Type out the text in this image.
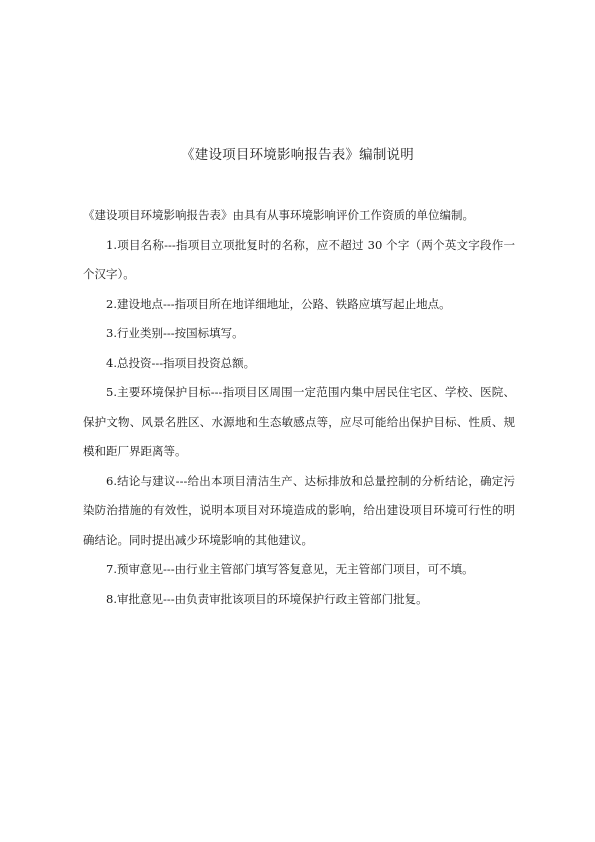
《建设项目环境影响报告表》编制说明

《建设项目环境影响报告表》由具有从事环境影响评价工作资质的单位编制。

1.项目名称---指项目立项批复时的名称，应不超过 30 个字（两个英文字段作一个汉字）。

2.建设地点---指项目所在地详细地址，公路、铁路应填写起止地点。

3.行业类别---按国标填写。

4.总投资---指项目投资总额。

5.主要环境保护目标---指项目区周围一定范围内集中居民住宅区、学校、医院、保护文物、风景名胜区、水源地和生态敏感点等，应尽可能给出保护目标、性质、规模和距厂界距离等。

6.结论与建议---给出本项目清洁生产、达标排放和总量控制的分析结论，确定污染防治措施的有效性，说明本项目对环境造成的影响，给出建设项目环境可行性的明确结论。同时提出减少环境影响的其他建议。

7.预审意见---由行业主管部门填写答复意见，无主管部门项目，可不填。

8.审批意见---由负责审批该项目的环境保护行政主管部门批复。
